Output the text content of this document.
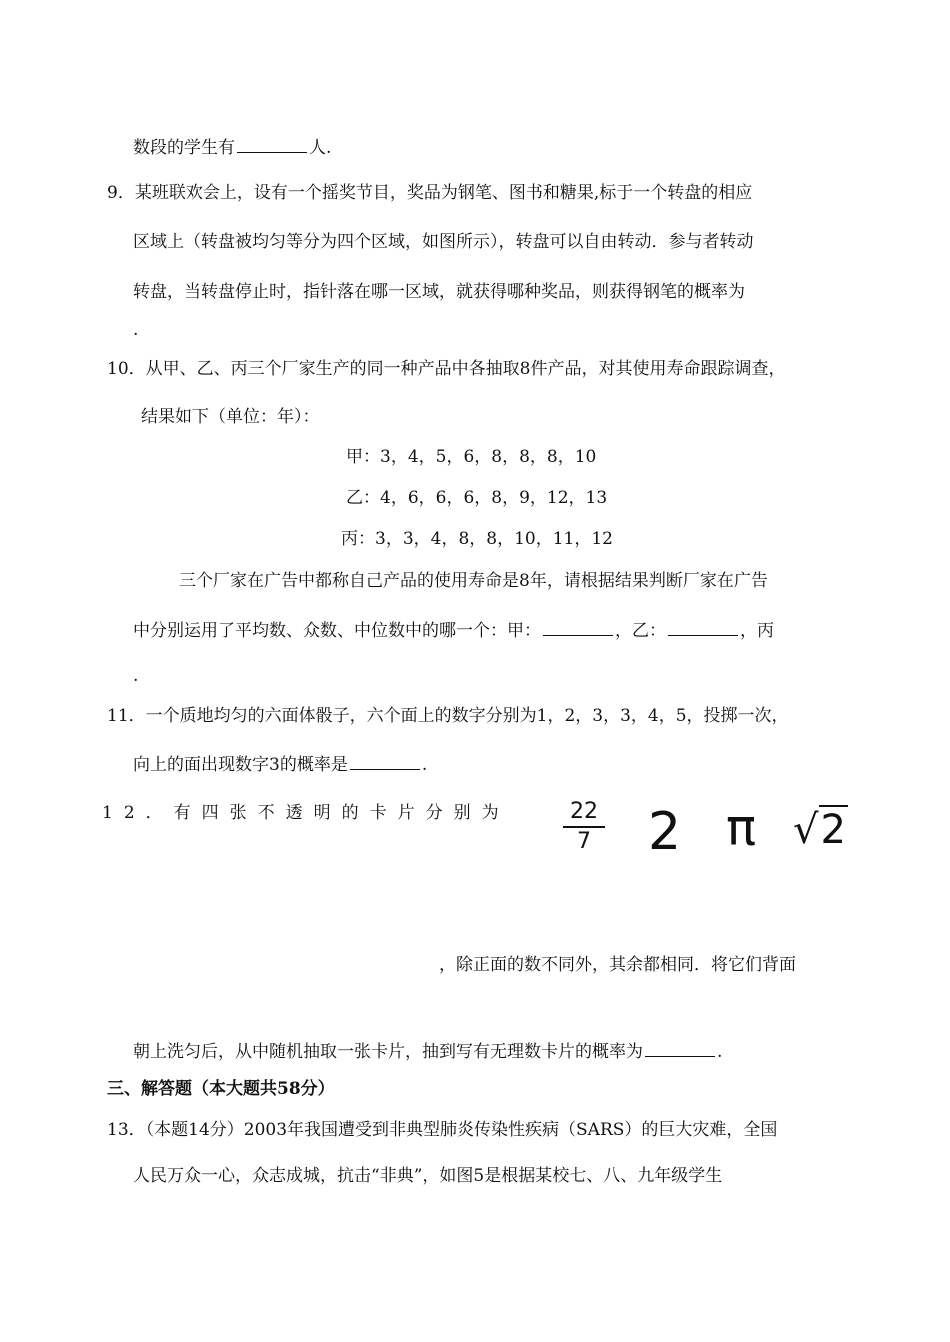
数段的学生有	人.
9．某班联欢会上，设有一个摇奖节目，奖品为钢笔、图书和糖果,标于一个转盘的相应
区域上（转盘被均匀等分为四个区域，如图所示），转盘可以自由转动．参与者转动
转盘，当转盘停止时，指针落在哪一区域，就获得哪种奖品，则获得钢笔的概率为
.
10．从甲、乙、丙三个厂家生产的同一种产品中各抽取8件产品，对其使用寿命跟踪调查，
结果如下（单位：年）：
甲：3，4，5，6，8，8，8，10
乙：4，6，6，6，8，9，12，13
丙：3，3，4，8，8，10，11，12
三个厂家在广告中都称自己产品的使用寿命是8年，请根据结果判断厂家在广告
中分别运用了平均数、众数、中位数中的哪一个：甲：	，乙：	，丙
.
11．一个质地均匀的六面体骰子，六个面上的数字分别为1，2，3，3，4，5，投掷一次，
向上的面出现数字3的概率是	.
12．有四张不透明的卡片分别为	22
7 2 π √2
，除正面的数不同外，其余都相同．将它们背面
朝上洗匀后，从中随机抽取一张卡片，抽到写有无理数卡片的概率为	.
三、解答题（本大题共58分）
13．（本题14分）2003年我国遭受到非典型肺炎传染性疾病（SARS）的巨大灾难，全国
人民万众一心，众志成城，抗击“非典”，如图5是根据某校七、八、九年级学生
